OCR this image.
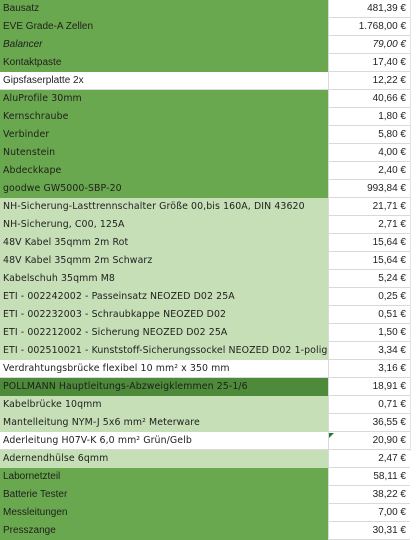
Bausatz	481,39 €
EVE Grade-A Zellen	1.768,00 €
Balancer	79,00 €
Kontaktpaste	17,40 €
Gipsfaserplatte 2x	12,22 €
AluProfile 30mm	40,66 €
Kernschraube	1,80 €
Verbinder	5,80 €
Nutenstein	4,00 €
Abdeckkape	2,40 €
goodwe GW5000-SBP-20	993,84 €
NH-Sicherung-Lasttrennschalter Größe 00,bis 160A, DIN 43620	21,71 €
NH-Sicherung, C00, 125A	2,71 €
48V Kabel 35qmm 2m Rot	15,64 €
48V Kabel 35qmm 2m Schwarz	15,64 €
Kabelschuh 35qmm M8	5,24 €
ETI - 002242002 - Passeinsatz NEOZED D02 25A	0,25 €
ETI - 002232003 - Schraubkappe NEOZED D02	0,51 €
ETI - 002212002 - Sicherung NEOZED D02 25A	1,50 €
ETI - 002510021 - Kunststoff-Sicherungssockel NEOZED D02 1-polig	3,34 €
Verdrahtungsbrücke flexibel 10 mm² x 350 mm	3,16 €
POLLMANN Hauptleitungs-Abzweigklemmen 25-1/6	18,91 €
Kabelbrücke 10qmm	0,71 €
Mantelleitung NYM-J 5x6 mm² Meterware	36,55 €
Aderleitung H07V-K 6,0 mm² Grün/Gelb	20,90 €
Adernendhülse 6qmm	2,47 €
Labornetzteil	58,11 €
Batterie Tester	38,22 €
Messleitungen	7,00 €
Presszange	30,31 €
